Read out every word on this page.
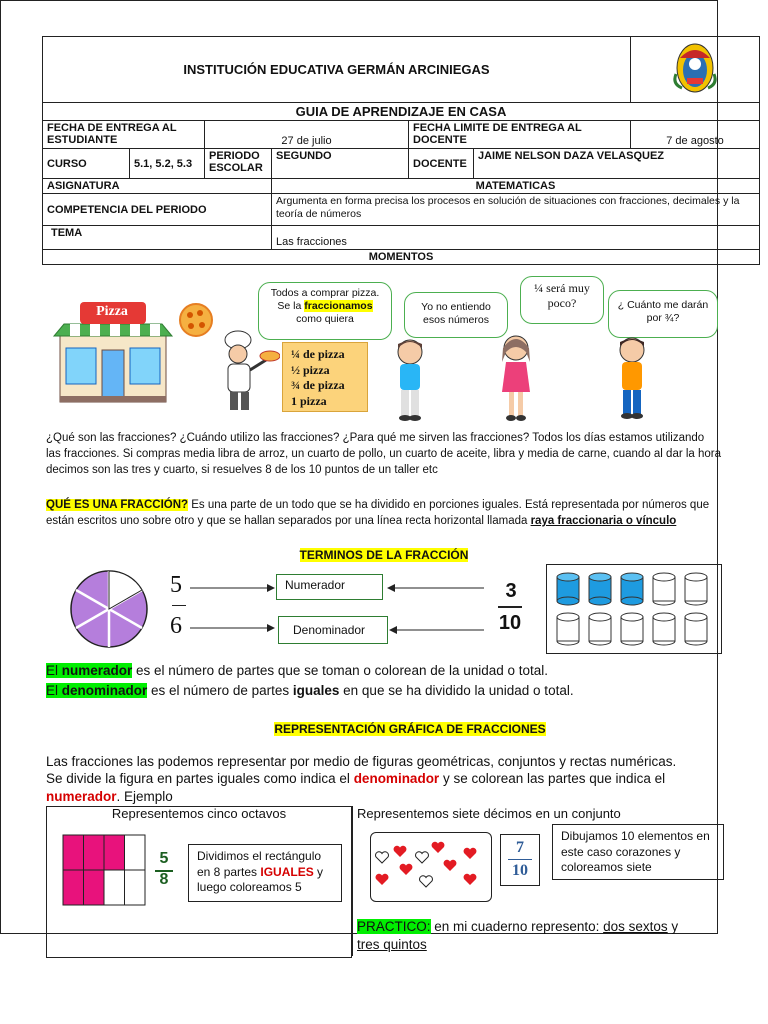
INSTITUCIÓN EDUCATIVA GERMÁN ARCINIEGAS	
GUIA DE APRENDIZAJE EN CASA						
FECHA DE ENTREGA AL ESTUDIANTE		27 de julio		FECHA LIMITE DE ENTREGA AL DOCENTE		7 de agosto
CURSO	5.1, 5.2, 5.3	PERIODO ESCOLAR	SEGUNDO	DOCENTE	JAIME NELSON DAZA VELASQUEZ	
ASIGNATURA			MATEMATICAS			
COMPETENCIA DEL PERIODO			Argumenta en forma precisa los procesos en solución de situaciones con fracciones, decimales y la teoría de números			
TEMA			Las fracciones			
MOMENTOS						
Pizza
Todos a comprar pizza.
Se la fraccionamos
como quiera
¼ de pizza
½ pizza
¾ de pizza
1 pizza
Yo no entiendo esos números
¼ será muy poco?	¿ Cuánto me darán por ¾?
¿Qué son las fracciones? ¿Cuándo utilizo las fracciones? ¿Para qué me sirven las fracciones? Todos los días estamos utilizando las fracciones. Si compras media libra de arroz, un cuarto de pollo, un cuarto de aceite, libra y media de carne, cuando al dar la hora decimos son las tres y cuarto, si resuelves 8 de los 10 puntos de un taller etc
QUÉ ES UNA FRACCIÓN? Es una parte de un todo que se ha dividido en porciones iguales. Está representada por números que están escritos uno sobre otro y que se hallan separados por una línea recta horizontal llamada raya fraccionaria o vínculo
TERMINOS DE LA FRACCIÓN
5
6
Numerador
Denominador
3
10
El numerador es el número de partes que se toman o colorean de la unidad o total.
El denominador es el número de partes iguales en que se ha dividido la unidad o total.
REPRESENTACIÓN GRÁFICA DE FRACCIONES
Las fracciones las podemos representar por medio de figuras geométricas, conjuntos y rectas numéricas.
Se divide la figura en partes iguales como indica el denominador y se colorean las partes que indica el
numerador. Ejemplo
Representemos cinco octavos
5
8
Dividimos el rectángulo en 8 partes IGUALES y luego coloreamos 5
Representemos siete décimos en un conjunto
7
10
Dibujamos 10 elementos en este caso corazones y coloreamos siete
PRACTICO: en mi cuaderno represento: dos sextos y
tres quintos
